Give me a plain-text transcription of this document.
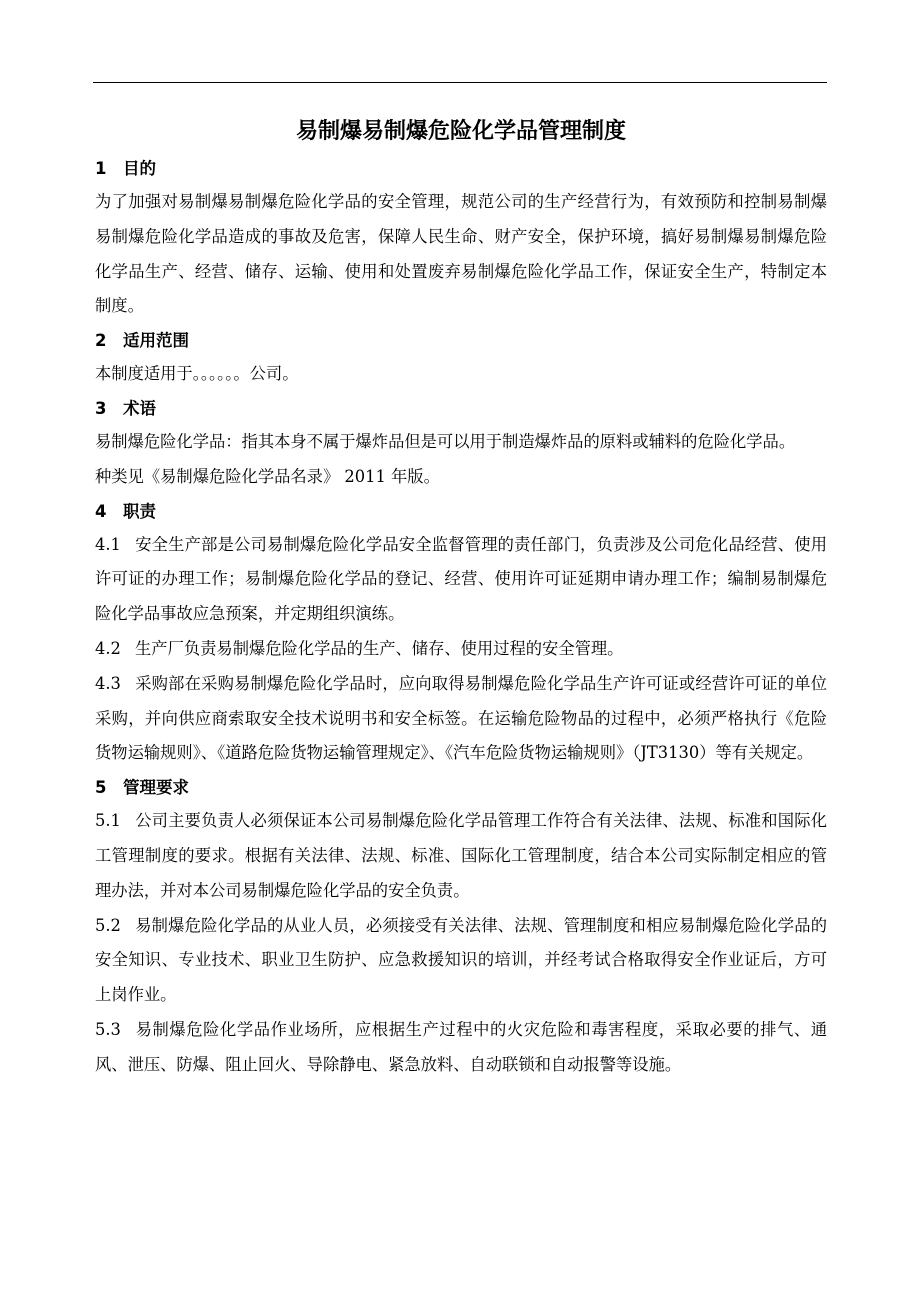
易制爆易制爆危险化学品管理制度
1 目的

为了加强对易制爆易制爆危险化学品的安全管理，规范公司的生产经营行为，有效预防和控制易制爆易制爆危险化学品造成的事故及危害，保障人民生命、财产安全，保护环境，搞好易制爆易制爆危险化学品生产、经营、储存、运输、使用和处置废弃易制爆危险化学品工作，保证安全生产，特制定本制度。

2 适用范围

本制度适用于。。。。。。公司。

3 术语

易制爆危险化学品：指其本身不属于爆炸品但是可以用于制造爆炸品的原料或辅料的危险化学品。

种类见《易制爆危险化学品名录》 2011 年版。

4 职责

4.1 安全生产部是公司易制爆危险化学品安全监督管理的责任部门，负责涉及公司危化品经营、使用许可证的办理工作；易制爆危险化学品的登记、经营、使用许可证延期申请办理工作；编制易制爆危险化学品事故应急预案，并定期组织演练。

4.2 生产厂负责易制爆危险化学品的生产、储存、使用过程的安全管理。

4.3 采购部在采购易制爆危险化学品时，应向取得易制爆危险化学品生产许可证或经营许可证的单位采购，并向供应商索取安全技术说明书和安全标签。在运输危险物品的过程中，必须严格执行《危险货物运输规则》、《道路危险货物运输管理规定》、《汽车危险货物运输规则》（JT3130）等有关规定。

5 管理要求

5.1 公司主要负责人必须保证本公司易制爆危险化学品管理工作符合有关法律、法规、标准和国际化工管理制度的要求。根据有关法律、法规、标准、国际化工管理制度，结合本公司实际制定相应的管理办法，并对本公司易制爆危险化学品的安全负责。

5.2 易制爆危险化学品的从业人员，必须接受有关法律、法规、管理制度和相应易制爆危险化学品的安全知识、专业技术、职业卫生防护、应急救援知识的培训，并经考试合格取得安全作业证后，方可上岗作业。

5.3 易制爆危险化学品作业场所，应根据生产过程中的火灾危险和毒害程度，采取必要的排气、通风、泄压、防爆、阻止回火、导除静电、紧急放料、自动联锁和自动报警等设施。
